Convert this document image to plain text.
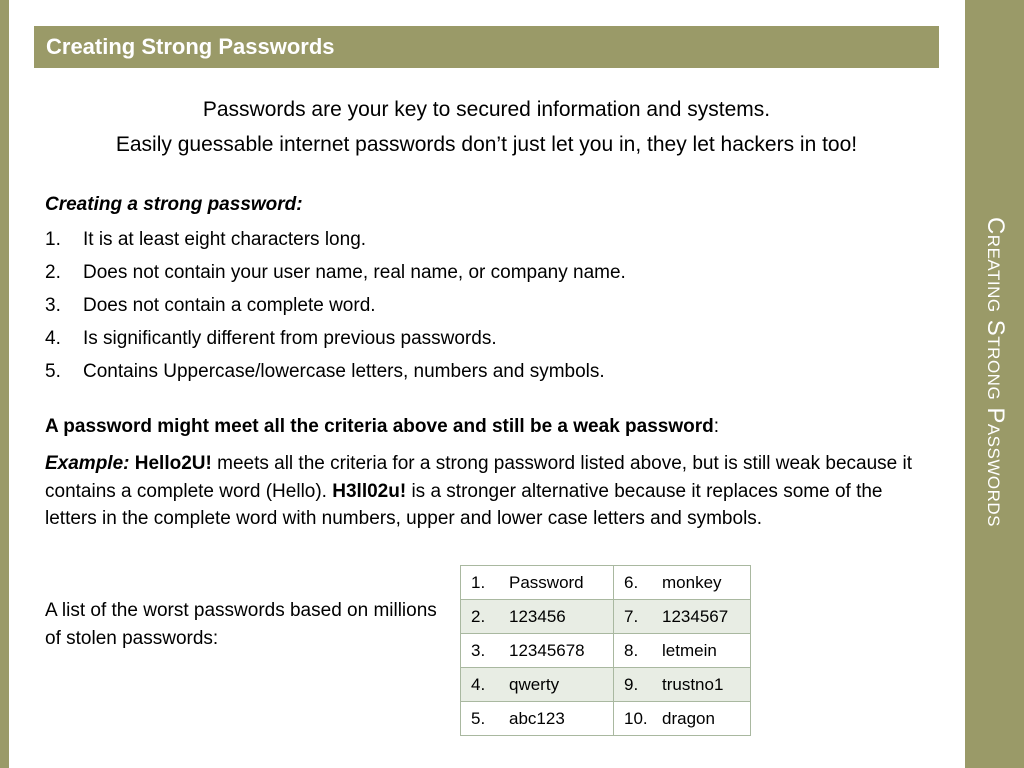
Creating Strong Passwords
Creating Strong Passwords
Passwords are your key to secured information and systems.
Easily guessable internet passwords don’t just let you in, they let hackers in too!
Creating a strong password:
1. It is at least eight characters long.
2. Does not contain your user name, real name, or company name.
3. Does not contain a complete word.
4. Is significantly different from previous passwords.
5. Contains Uppercase/lowercase letters, numbers and symbols.
A password might meet all the criteria above and still be a weak password:
Example: Hello2U! meets all the criteria for a strong password listed above, but is still weak because it contains a complete word (Hello). H3ll02u! is a stronger alternative because it replaces some of the letters in the complete word with numbers, upper and lower case letters and symbols.
A list of the worst passwords based on millions of stolen passwords:
1. Password	6. monkey
2. 123456	7. 1234567
3. 12345678	8. letmein
4. qwerty	9. trustno1
5. abc123	10. dragon
